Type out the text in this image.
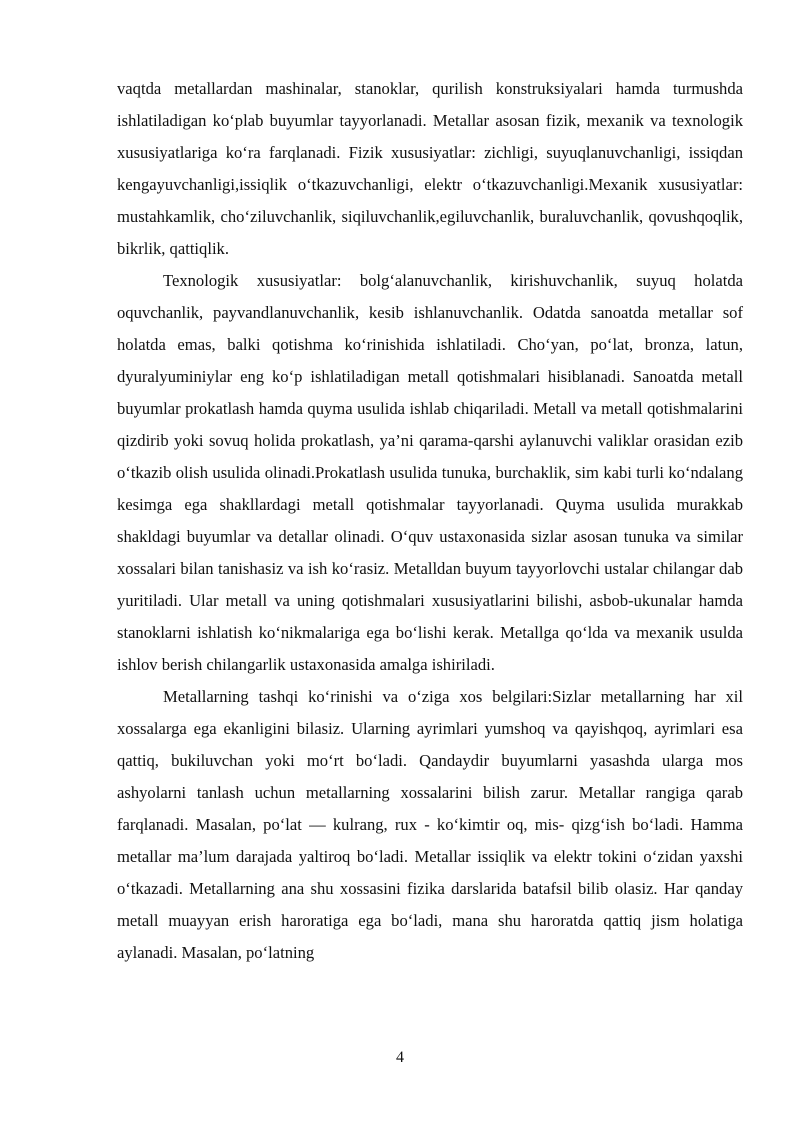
vaqtda metallardan mashinalar, stanoklar, qurilish konstruksiyalari hamda turmushda ishlatiladigan ko‘plab buyumlar tayyorlanadi. Metallar asosan fizik, mexanik va texnologik xususiyatlariga ko‘ra farqlanadi. Fizik xususiyatlar: zichligi, suyuqlanuvchanligi, issiqdan kengayuvchanligi,issiqlik o‘tkazuvchanligi, elektr o‘tkazuvchanligi.Mexanik xususiyatlar: mustahkamlik, cho‘ziluvchanlik, siqiluvchanlik,egiluvchanlik, buraluvchanlik, qovushqoqlik, bikrlik, qattiqlik.

Texnologik xususiyatlar: bolg‘alanuvchanlik, kirishuvchanlik, suyuq holatda oquvchanlik, payvandlanuvchanlik, kesib ishlanuvchanlik. Odatda sanoatda metallar sof holatda emas, balki qotishma ko‘rinishida ishlatiladi. Cho‘yan, po‘lat, bronza, latun, dyuralyuminiylar eng ko‘p ishlatiladigan metall qotishmalari hisiblanadi. Sanoatda metall buyumlar prokatlash hamda quyma usulida ishlab chiqariladi. Metall va metall qotishmalarini qizdirib yoki sovuq holida prokatlash, ya’ni qarama-qarshi aylanuvchi valiklar orasidan ezib o‘tkazib olish usulida olinadi.Prokatlash usulida tunuka, burchaklik, sim kabi turli ko‘ndalang kesimga ega shakllardagi metall qotishmalar tayyorlanadi. Quyma usulida murakkab shakldagi buyumlar va detallar olinadi. O‘quv ustaxonasida sizlar asosan tunuka va similar xossalari bilan tanishasiz va ish ko‘rasiz. Metalldan buyum tayyorlovchi ustalar chilangar dab yuritiladi. Ular metall va uning qotishmalari xususiyatlarini bilishi, asbob-ukunalar hamda stanoklarni ishlatish ko‘nikmalariga ega bo‘lishi kerak. Metallga qo‘lda va mexanik usulda ishlov berish chilangarlik ustaxonasida amalga ishiriladi.

Metallarning tashqi ko‘rinishi va o‘ziga xos belgilari:Sizlar metallarning har xil xossalarga ega ekanligini bilasiz. Ularning ayrimlari yumshoq va qayishqoq, ayrimlari esa qattiq, bukiluvchan yoki mo‘rt bo‘ladi. Qandaydir buyumlarni yasashda ularga mos ashyolarni tanlash uchun metallarning xossalarini bilish zarur. Metallar rangiga qarab farqlanadi. Masalan, po‘lat — kulrang, rux - ko‘kimtir oq, mis- qizg‘ish bo‘ladi. Hamma metallar ma’lum darajada yaltiroq bo‘ladi. Metallar issiqlik va elektr tokini o‘zidan yaxshi o‘tkazadi. Metallarning ana shu xossasini fizika darslarida batafsil bilib olasiz. Har qanday metall muayyan erish haroratiga ega bo‘ladi, mana shu haroratda qattiq jism holatiga aylanadi. Masalan, po‘latning

4
